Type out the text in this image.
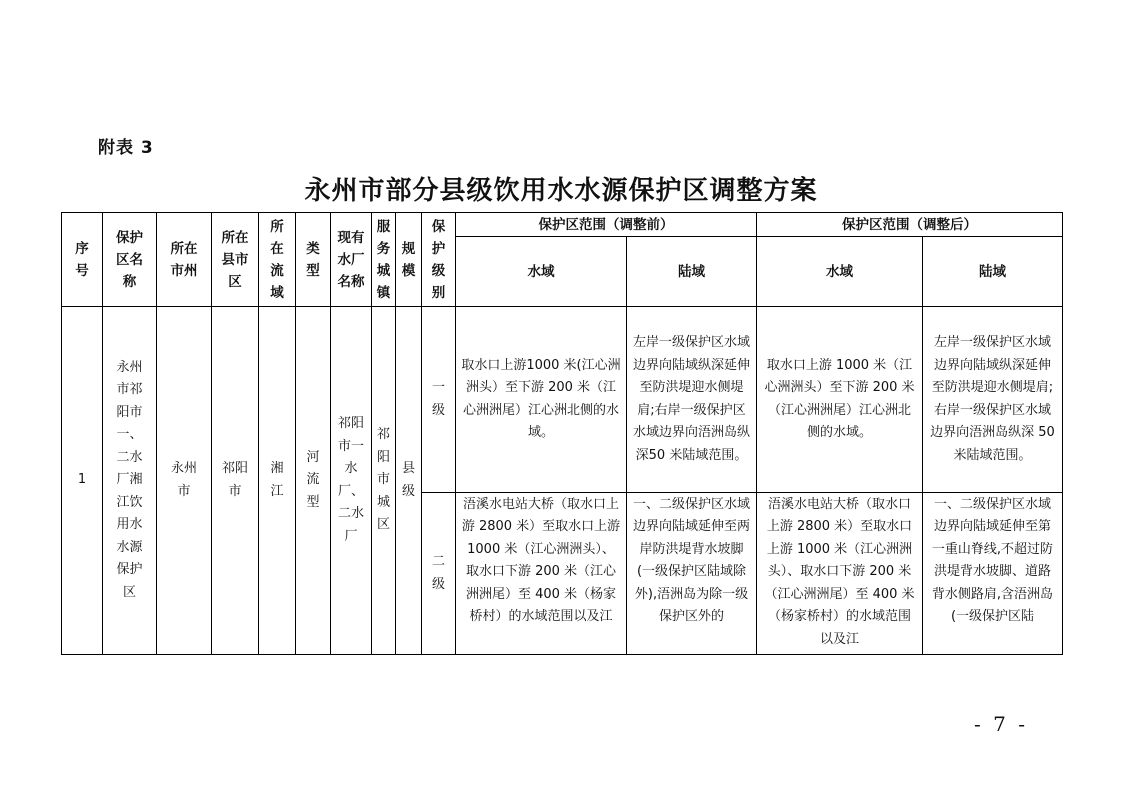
附表 3
永州市部分县级饮用水水源保护区调整方案
序号	保护区名称	所在市州	所在县市区	所在流域	类型	现有水厂名称	服务城镇	规模	保护级别	保护区范围（调整前）		保护区范围（调整后）	
										水域	陆域	水域	陆域
1	永州市祁阳市一、二水厂湘江饮用水水源保护区	永州市	祁阳市	湘江	河流型	祁阳市一水厂、二水厂	祁阳市城区	县级	一级	取水口上游1000 米(江心洲洲头）至下游 200 米（江心洲洲尾）江心洲北侧的水域。	左岸一级保护区水域边界向陆域纵深延伸至防洪堤迎水侧堤肩;右岸一级保护区水域边界向浯洲岛纵深50 米陆域范围。	取水口上游 1000 米（江心洲洲头）至下游 200 米（江心洲洲尾）江心洲北侧的水域。	左岸一级保护区水域边界向陆域纵深延伸至防洪堤迎水侧堤肩;右岸一级保护区水域边界向浯洲岛纵深 50 米陆域范围。

									二级	浯溪水电站大桥（取水口上游 2800 米）至取水口上游 1000 米（江心洲洲头）、取水口下游 200 米（江心洲洲尾）至 400 米（杨家桥村）的水域范围以及江	一、二级保护区水域边界向陆域延伸至两岸防洪堤背水坡脚(一级保护区陆域除外),浯洲岛为除一级保护区外的	浯溪水电站大桥（取水口上游 2800 米）至取水口上游 1000 米（江心洲洲头）、取水口下游 200 米（江心洲洲尾）至 400 米（杨家桥村）的水域范围以及江	一、二级保护区水域边界向陆域延伸至第一重山脊线,不超过防洪堤背水坡脚、道路背水侧路肩,含浯洲岛(一级保护区陆
- 7 -
